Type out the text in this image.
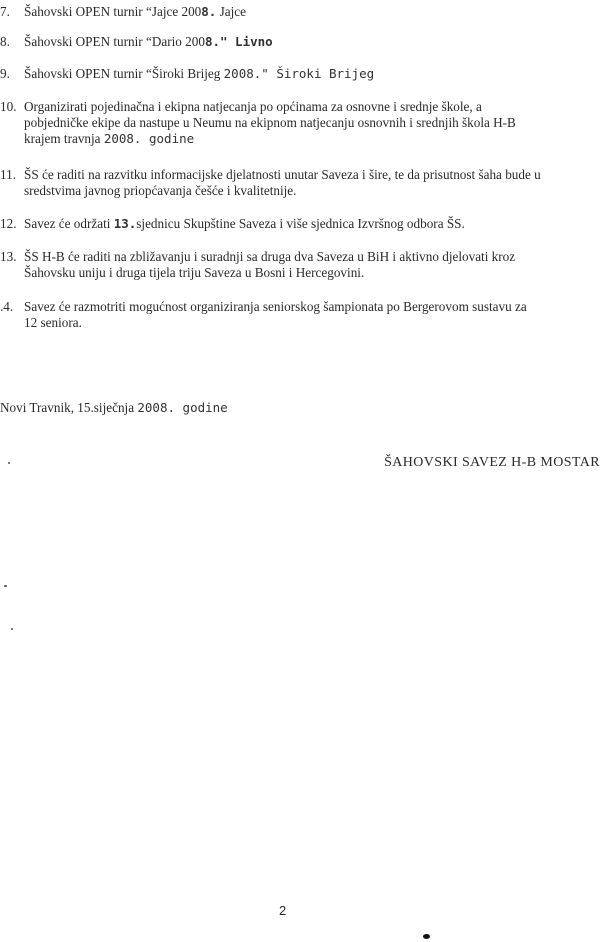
7.	Šahovski OPEN turnir “Jajce 2008. Jajce
8.	Šahovski OPEN turnir “Dario 2008." Livno
9.	Šahovski OPEN turnir “Široki Brijeg 2008." Široki Brijeg
10. Organizirati pojedinačna i ekipna natjecanja po općinama za osnovne i srednje škole, a
pobjedničke ekipe da nastupe u Neumu na ekipnom natjecanju osnovnih i srednjih škola H-B
krajem travnja 2008. godine
11. ŠS će raditi na razvitku informacijske djelatnosti unutar Saveza i šire, te da prisutnost šaha bude u
sredstvima javnog priopćavanja češće i kvalitetnije.
12. Savez će održati 13.sjednicu Skupštine Saveza i više sjednica Izvršnog odbora ŠS.
13. ŠS H-B će raditi na zbližavanju i suradnji sa druga dva Saveza u BiH i aktivno djelovati kroz
Šahovsku uniju i druga tijela triju Saveza u Bosni i Hercegovini.
.4. Savez će razmotriti mogućnost organiziranja seniorskog šampionata po Bergerovom sustavu za
12 seniora.
Novi Travnik, 15.siječnja 2008. godine
ŠAHOVSKI SAVEZ H-B MOSTAR
2
